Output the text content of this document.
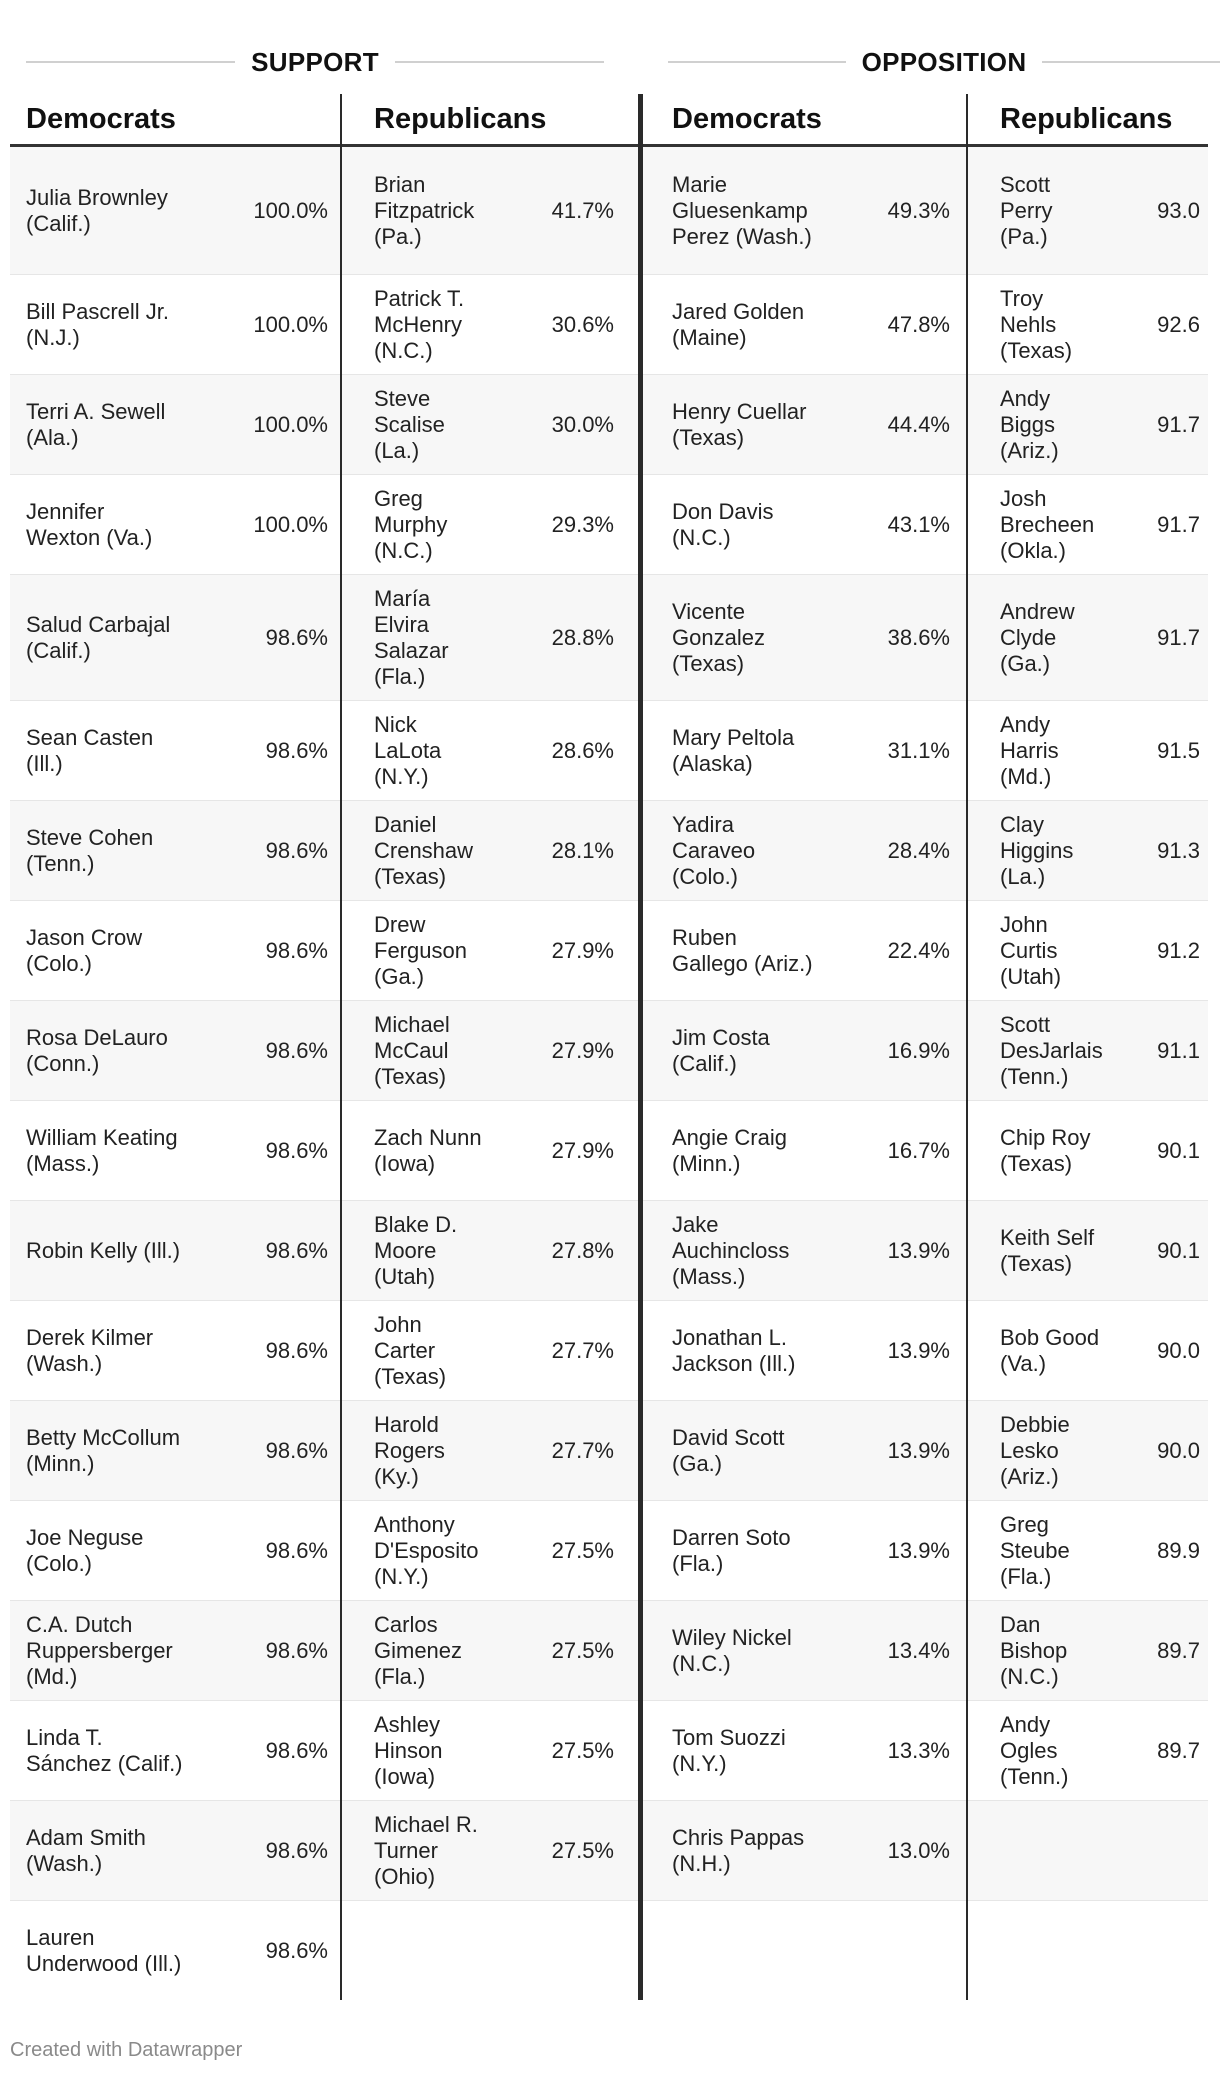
SUPPORT	OPPOSITION
Democrats
Julia Brownley (Calif.)
100.0%
Bill Pascrell Jr. (N.J.)
100.0%
Terri A. Sewell (Ala.)
100.0%
Jennifer Wexton (Va.)
100.0%
Salud Carbajal (Calif.)
98.6%
Sean Casten (Ill.)
98.6%
Steve Cohen (Tenn.)
98.6%
Jason Crow (Colo.)
98.6%
Rosa DeLauro (Conn.)
98.6%
William Keating (Mass.)
98.6%
Robin Kelly (Ill.)	98.6%
Derek Kilmer (Wash.)
98.6%
Betty McCollum (Minn.)
98.6%
Joe Neguse (Colo.)
98.6%
C.A. Dutch Ruppersberger (Md.)
98.6%
Linda T. Sánchez (Calif.)
98.6%
Adam Smith (Wash.)
98.6%
Lauren Underwood (Ill.)
98.6%
Republicans
Brian Fitzpatrick (Pa.)
41.7%
Patrick T. McHenry (N.C.)
30.6%
Steve Scalise (La.)
30.0%
Greg Murphy (N.C.)
29.3%
María Elvira Salazar (Fla.)
28.8%
Nick LaLota (N.Y.)
28.6%
Daniel Crenshaw (Texas)
28.1%
Drew Ferguson (Ga.)
27.9%
Michael McCaul (Texas)
27.9%
Zach Nunn (Iowa)
27.9%
Blake D. Moore (Utah)
27.8%
John Carter (Texas)
27.7%
Harold Rogers (Ky.)
27.7%
Anthony D'Esposito (N.Y.)
27.5%
Carlos Gimenez (Fla.)
27.5%
Ashley Hinson (Iowa)
27.5%
Michael R. Turner (Ohio)
27.5%
Democrats
Marie Gluesenkamp Perez (Wash.)
49.3%
Jared Golden (Maine)
47.8%
Henry Cuellar (Texas)
44.4%
Don Davis (N.C.)
43.1%
Vicente Gonzalez (Texas)
38.6%
Mary Peltola (Alaska)
31.1%
Yadira Caraveo (Colo.)
28.4%
Ruben Gallego (Ariz.)
22.4%
Jim Costa (Calif.)
16.9%
Angie Craig (Minn.)
16.7%
Jake Auchincloss (Mass.)
13.9%
Jonathan L. Jackson (Ill.)
13.9%
David Scott (Ga.)
13.9%
Darren Soto (Fla.)
13.9%
Wiley Nickel (N.C.)
13.4%
Tom Suozzi (N.Y.)
13.3%
Chris Pappas (N.H.)
13.0%
Republicans
Scott Perry (Pa.)
93.0
Troy Nehls (Texas)
92.6
Andy Biggs (Ariz.)
91.7
Josh Brecheen (Okla.)
91.7
Andrew Clyde (Ga.)
91.7
Andy Harris (Md.)
91.5
Clay Higgins (La.)
91.3
John Curtis (Utah)
91.2
Scott DesJarlais (Tenn.)
91.1
Chip Roy (Texas)
90.1
Keith Self (Texas)
90.1
Bob Good (Va.)
90.0
Debbie Lesko (Ariz.)
90.0
Greg Steube (Fla.)
89.9
Dan Bishop (N.C.)
89.7
Andy Ogles (Tenn.)
89.7
Created with Datawrapper
